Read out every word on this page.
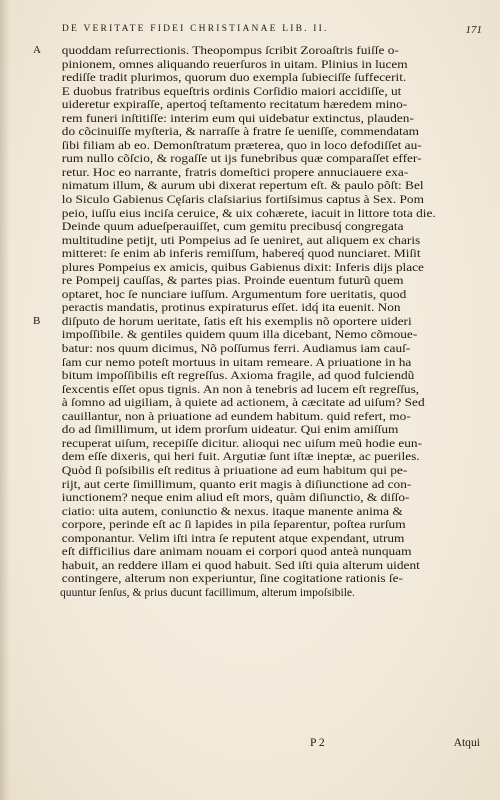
DE VERITATE FIDEI CHRISTIANAE LIB. II.	171
A	quoddam reſurrectionis. Theopompus ſcribit Zoroaſtris fuiſſe o-
pinionem, omnes aliquando reuerſuros in uitam. Plinius in lucem
rediſſe tradit plurimos, quorum duo exempla ſubieciſſe ſuffecerit.
E duobus fratribus equeſtris ordinis Corſidio maiori accidiſſe, ut
uideretur expiraſſe, apertoq́ teſtamento recitatum hæredem mino-
rem funeri inſtitiſſe: interim eum qui uidebatur extinctus, plauden-
do cõcinuiſſe myſteria, & narraſſe à fratre ſe ueniſſe, commendatam
ſibi filiam ab eo. Demonſtratum præterea, quo in loco defodiſſet au-
rum nullo cõſcio, & rogaſſe ut ijs funebribus quæ comparaſſet effer-
retur. Hoc eo narrante, fratris domeſtici propere annuciauere exa-
nimatum illum, & aurum ubi dixerat repertum eſt. & paulo pôſt: Bel
lo Siculo Gabienus Cęſaris claſsiarius fortiſsimus captus à Sex. Pom
peio, iuſſu eius inciſa ceruice, & uix cohærete, iacuit in littore tota die.
Deinde quum adueſperauiſſet, cum gemitu precibusq́ congregata
multitudine petijt, uti Pompeius ad ſe ueniret, aut aliquem ex charis
mitteret: ſe enim ab inferis remiſſum, habereq́ quod nunciaret. Miſit
plures Pompeius ex amicis, quibus Gabienus dixit: Inferis dijs place
re Pompeij cauſſas, & partes pias. Proinde euentum futurũ quem
optaret, hoc ſe nunciare iuſſum. Argumentum fore ueritatis, quod
peractis mandatis, protinus expiraturus eſſet. idq́ ita euenit. Non
B	diſputo de horum ueritate, ſatis eſt his exemplis nõ oportere uideri
impoſſibile. & gentiles quidem quum illa dicebant, Nemo cõmoue-
batur: nos quum dicimus, Nõ poſſumus ferri. Audiamus iam cauſ-
ſam cur nemo poteſt mortuus in uitam remeare. A priuatione in ha
bitum impoſſibilis eſt regreſſus. Axioma fragile, ad quod fulciendũ
ſexcentis eſſet opus tignis. An non à tenebris ad lucem eſt regreſſus,
à ſomno ad uigiliam, à quiete ad actionem, à cæcitate ad uiſum? Sed
cauillantur, non à priuatione ad eundem habitum. quid refert, mo-
do ad ſimillimum, ut idem prorſum uideatur. Qui enim amiſſum
recuperat uiſum, recepiſſe dicitur. alioqui nec uiſum meũ hodie eun-
dem eſſe dixeris, qui heri fuit. Argutiæ ſunt iſtæ ineptæ, ac pueriles.
Quòd ſi poſsibilis eſt reditus à priuatione ad eum habitum qui pe-
rijt, aut certe ſimillimum, quanto erit magis à diſiunctione ad con-
iunctionem? neque enim aliud eſt mors, quàm diſiunctio, & diſſo-
ciatio: uita autem, coniunctio & nexus. itaque manente anima &
corpore, perinde eſt ac ſi lapides in pila ſeparentur, poſtea rurſum
componantur. Velim iſti intra ſe reputent atque expendant, utrum
eſt difficilius dare animam nouam ei corpori quod anteà nunquam
habuit, an reddere illam ei quod habuit. Sed iſti quia alterum uident
contingere, alterum non experiuntur, ſine cogitatione rationis ſe-
quuntur ſenſus, & prius ducunt facillimum, alterum impoſsibile.
P 2	Atqui
